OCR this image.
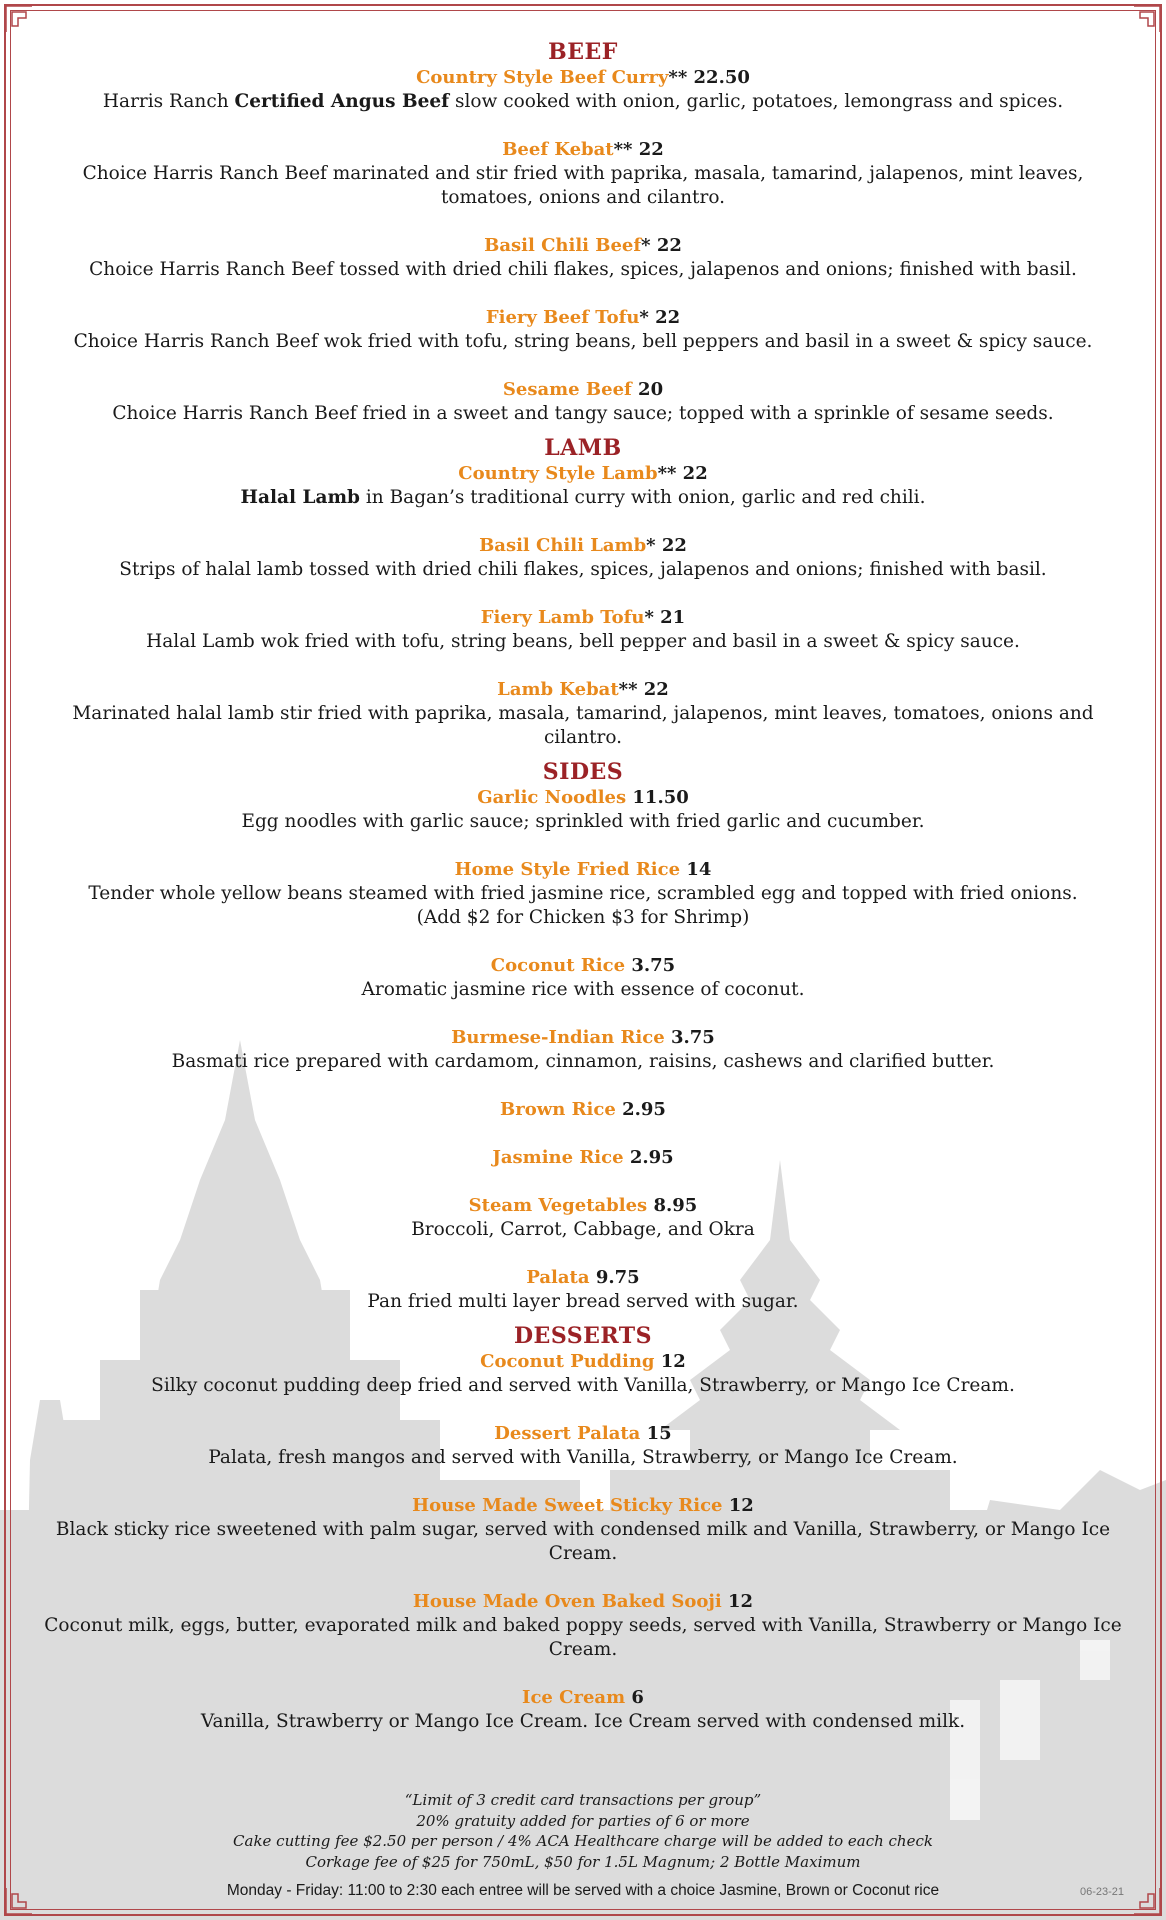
BEEF
Country Style Beef Curry** 22.50
Harris Ranch Certified Angus Beef slow cooked with onion, garlic, potatoes, lemongrass and spices.
Beef Kebat** 22
Choice Harris Ranch Beef marinated and stir fried with paprika, masala, tamarind, jalapenos, mint leaves, tomatoes, onions and cilantro.
Basil Chili Beef* 22
Choice Harris Ranch Beef tossed with dried chili flakes, spices, jalapenos and onions; finished with basil.
Fiery Beef Tofu* 22
Choice Harris Ranch Beef wok fried with tofu, string beans, bell peppers and basil in a sweet & spicy sauce.
Sesame Beef 20
Choice Harris Ranch Beef fried in a sweet and tangy sauce; topped with a sprinkle of sesame seeds.
LAMB
Country Style Lamb** 22
Halal Lamb in Bagan’s traditional curry with onion, garlic and red chili.
Basil Chili Lamb* 22
Strips of halal lamb tossed with dried chili flakes, spices, jalapenos and onions; finished with basil.
Fiery Lamb Tofu* 21
Halal Lamb wok fried with tofu, string beans, bell pepper and basil in a sweet & spicy sauce.
Lamb Kebat** 22
Marinated halal lamb stir fried with paprika, masala, tamarind, jalapenos, mint leaves, tomatoes, onions and cilantro.
SIDES
Garlic Noodles 11.50
Egg noodles with garlic sauce; sprinkled with fried garlic and cucumber.
Home Style Fried Rice 14
Tender whole yellow beans steamed with fried jasmine rice, scrambled egg and topped with fried onions.
(Add $2 for Chicken $3 for Shrimp)
Coconut Rice 3.75
Aromatic jasmine rice with essence of coconut.
Burmese-Indian Rice 3.75
Basmati rice prepared with cardamom, cinnamon, raisins, cashews and clarified butter.
Brown Rice 2.95
Jasmine Rice 2.95
Steam Vegetables 8.95
Broccoli, Carrot, Cabbage, and Okra
Palata 9.75
Pan fried multi layer bread served with sugar.
DESSERTS
Coconut Pudding 12
Silky coconut pudding deep fried and served with Vanilla, Strawberry, or Mango Ice Cream.
Dessert Palata 15
Palata, fresh mangos and served with Vanilla, Strawberry, or Mango Ice Cream.
House Made Sweet Sticky Rice 12
Black sticky rice sweetened with palm sugar, served with condensed milk and Vanilla, Strawberry, or Mango Ice Cream.
House Made Oven Baked Sooji 12
Coconut milk, eggs, butter, evaporated milk and baked poppy seeds, served with Vanilla, Strawberry or Mango Ice Cream.
Ice Cream 6
Vanilla, Strawberry or Mango Ice Cream. Ice Cream served with condensed milk.
“Limit of 3 credit card transactions per group”
20% gratuity added for parties of 6 or more
Cake cutting fee $2.50 per person / 4% ACA Healthcare charge will be added to each check
Corkage fee of $25 for 750mL, $50 for 1.5L Magnum; 2 Bottle Maximum
Monday - Friday: 11:00 to 2:30 each entree will be served with a choice Jasmine, Brown or Coconut rice	06-23-21
